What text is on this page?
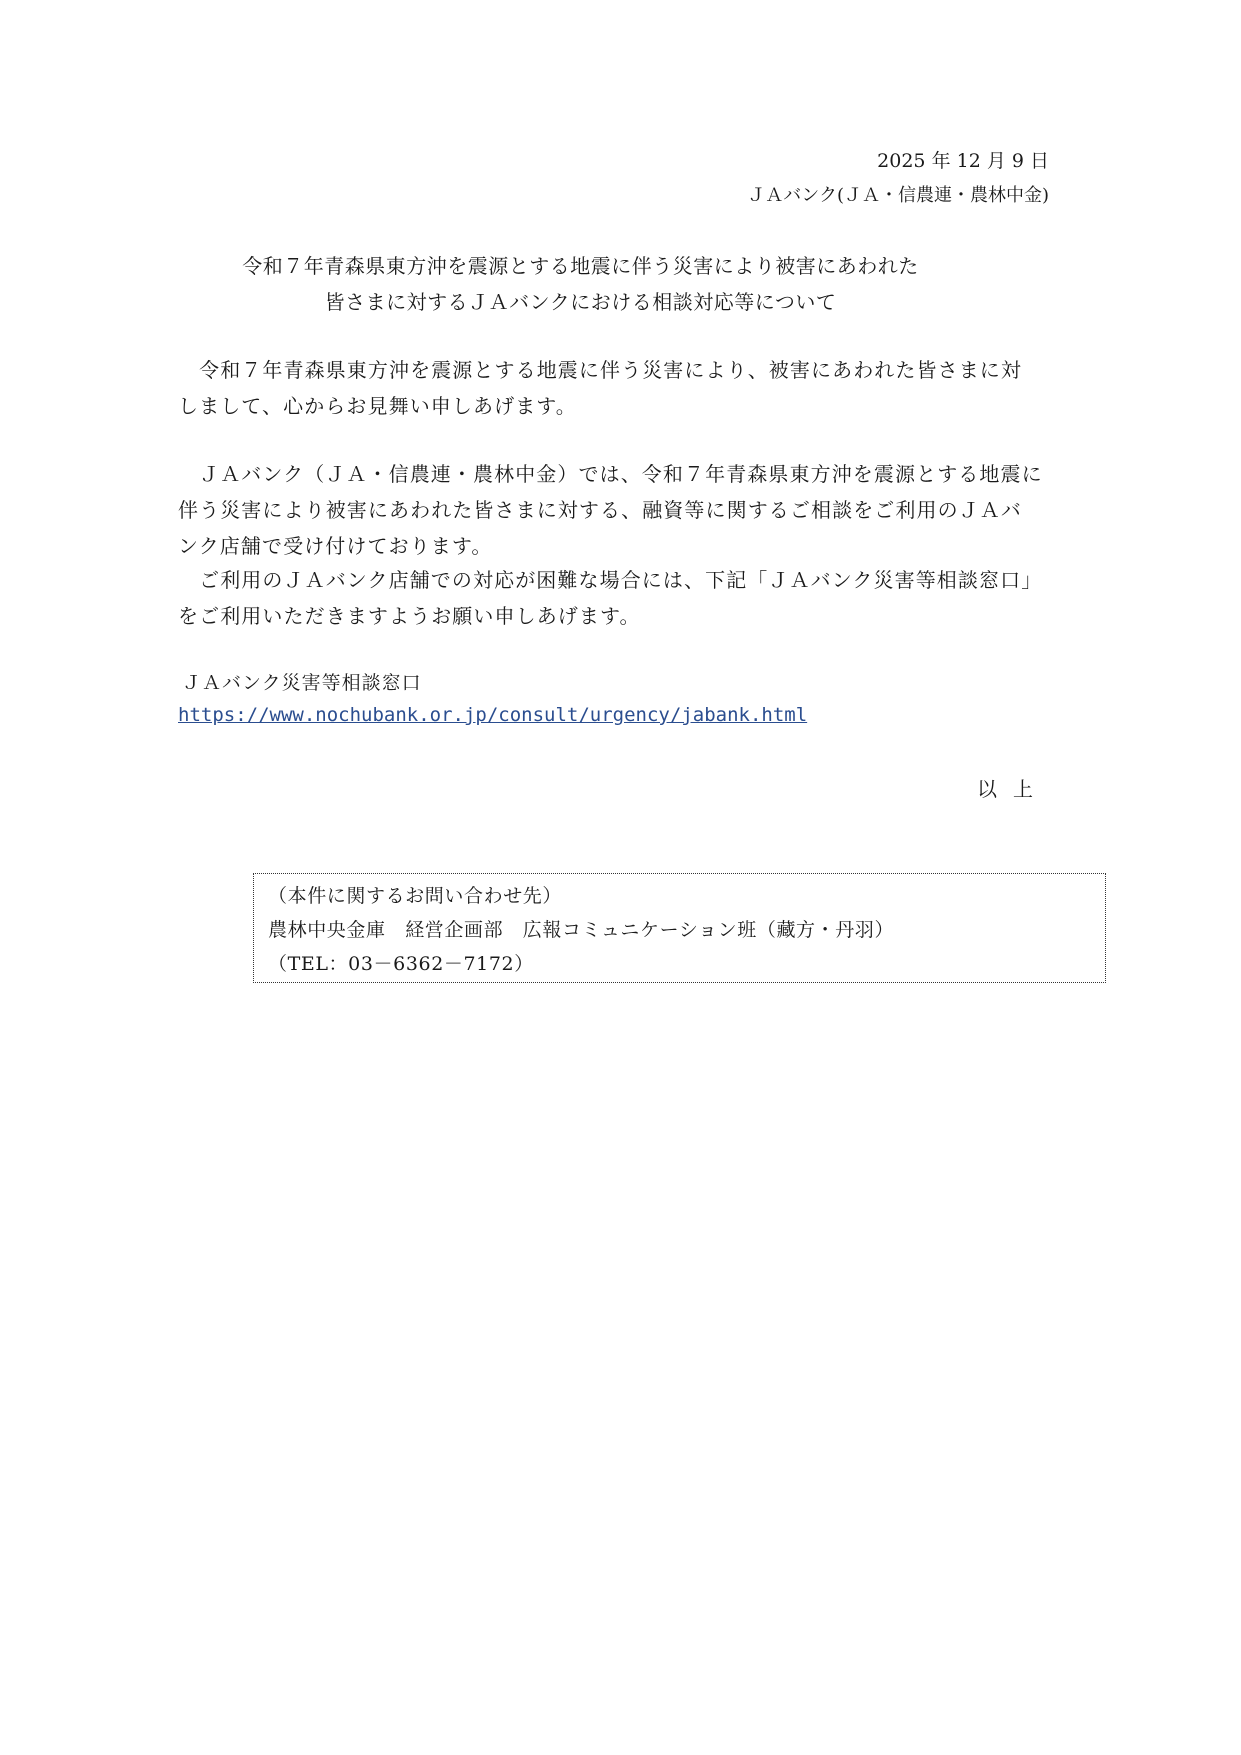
2025 年 12 月 9 日
ＪＡバンク(ＪＡ・信農連・農林中金)
令和７年青森県東方沖を震源とする地震に伴う災害により被害にあわれた
皆さまに対するＪＡバンクにおける相談対応等について
　令和７年青森県東方沖を震源とする地震に伴う災害により、被害にあわれた皆さまに対
しまして、心からお見舞い申しあげます。
　ＪＡバンク（ＪＡ・信農連・農林中金）では、令和７年青森県東方沖を震源とする地震に
伴う災害により被害にあわれた皆さまに対する、融資等に関するご相談をご利用のＪＡバ
ンク店舗で受け付けております。
　ご利用のＪＡバンク店舗での対応が困難な場合には、下記「ＪＡバンク災害等相談窓口」
をご利用いただきますようお願い申しあげます。
ＪＡバンク災害等相談窓口
https://www.nochubank.or.jp/consult/urgency/jabank.html
以上
（本件に関するお問い合わせ先）
農林中央金庫　経営企画部　広報コミュニケーション班（藏方・丹羽）
（TEL：03－6362－7172）
